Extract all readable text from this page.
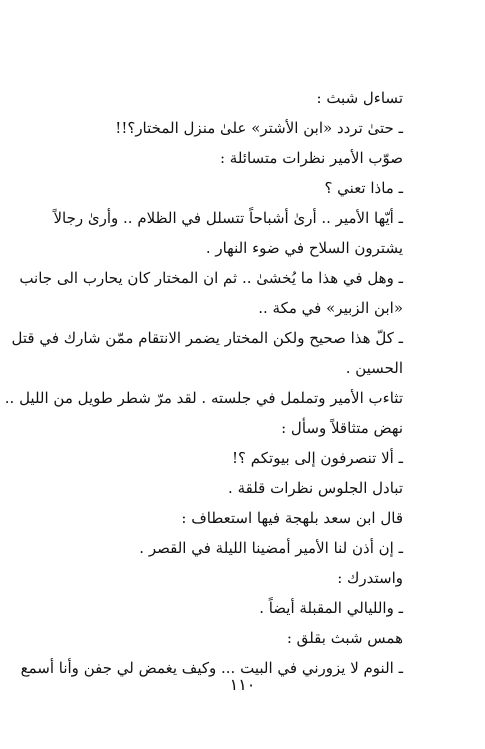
تساءل شبث :
ـ حتىٰ تردد «ابن الأشتر» علىٰ منزل المختار؟!!
صوّب الأمير نظرات متسائلة :
ـ ماذا تعني ؟
ـ أيّها الأمير .. أرىٰ أشباحاً تتسلل في الظلام .. وأرىٰ رجالاً
يشترون السلاح في ضوء النهار .
ـ وهل في هذا ما يُخشىٰ .. ثم ان المختار كان يحارب الى جانب
«ابن الزبير» في مكة ..
ـ كلّ هذا صحيح ولكن المختار يضمر الانتقام ممّن شارك في قتل
الحسين .
تثاءب الأمير وتململ في جلسته . لقد مرّ شطر طويل من الليل ..
نهض متثاقلاً وسأل :
ـ ألا تنصرفون إلى بيوتكم ؟!
تبادل الجلوس نظرات قلقة .
قال ابن سعد بلهجة فيها استعطاف :
ـ إن أذن لنا الأمير أمضينا الليلة في القصر .
واستدرك :
ـ والليالي المقبلة أيضاً .
همس شبث بقلق :
ـ النوم لا يزورني في البيت ... وكيف يغمض لي جفن وأنا أسمع
١١٠
